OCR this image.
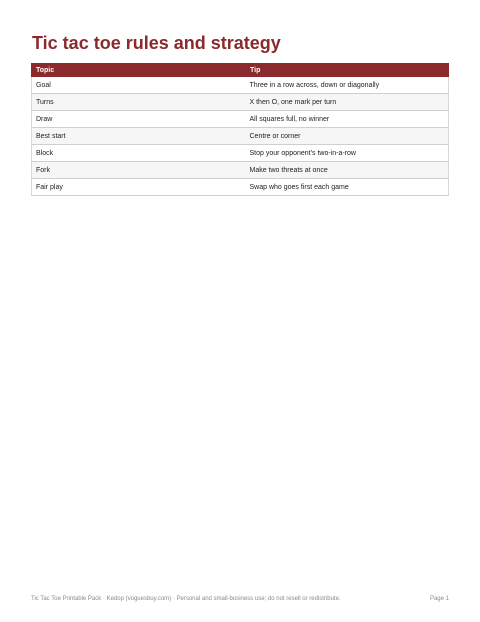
Tic tac toe rules and strategy
Topic	Tip
Goal	Three in a row across, down or diagonally
Turns	X then O, one mark per turn
Draw	All squares full, no winner
Best start	Centre or corner
Block	Stop your opponent’s two-in-a-row
Fork	Make two threats at once
Fair play	Swap who goes first each game
Tic Tac Toe Printable Pack · Kedop (voguesbuy.com) · Personal and small-business use; do not resell or redistribute.	Page 1
